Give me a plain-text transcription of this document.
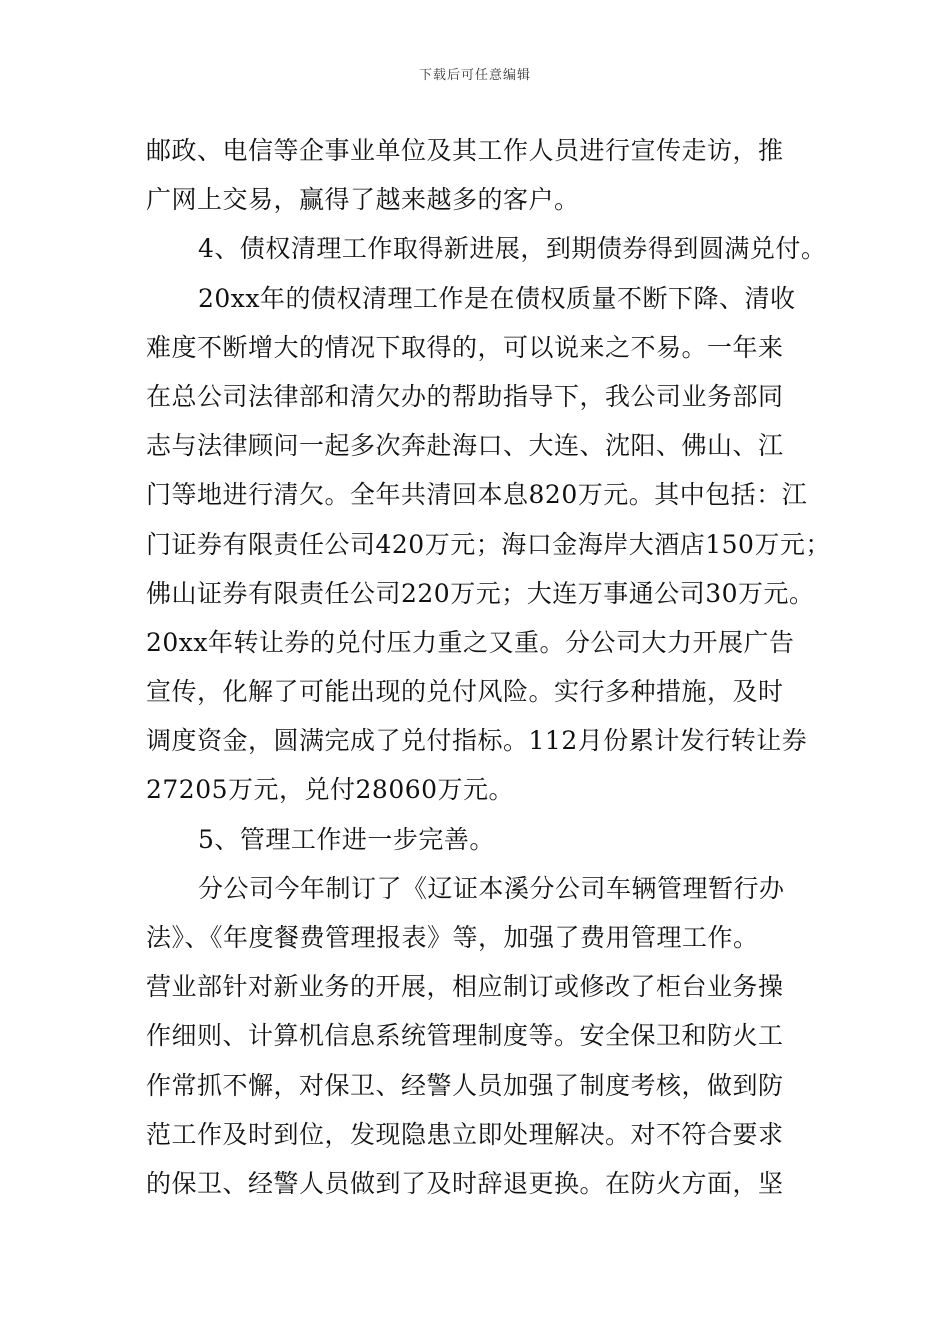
下载后可任意编辑
邮政、电信等企事业单位及其工作人员进行宣传走访，推
广网上交易，赢得了越来越多的客户。
4、债权清理工作取得新进展，到期债券得到圆满兑付。
20xx年的债权清理工作是在债权质量不断下降、清收
难度不断增大的情况下取得的，可以说来之不易。一年来
在总公司法律部和清欠办的帮助指导下，我公司业务部同
志与法律顾问一起多次奔赴海口、大连、沈阳、佛山、江
门等地进行清欠。全年共清回本息820万元。其中包括：江
门证券有限责任公司420万元；海口金海岸大酒店150万元；
佛山证券有限责任公司220万元；大连万事通公司30万元。
20xx年转让券的兑付压力重之又重。分公司大力开展广告
宣传，化解了可能出现的兑付风险。实行多种措施，及时
调度资金，圆满完成了兑付指标。112月份累计发行转让券
27205万元，兑付28060万元。
5、管理工作进一步完善。
分公司今年制订了《辽证本溪分公司车辆管理暂行办
法》、《年度餐费管理报表》等，加强了费用管理工作。
营业部针对新业务的开展，相应制订或修改了柜台业务操
作细则、计算机信息系统管理制度等。安全保卫和防火工
作常抓不懈，对保卫、经警人员加强了制度考核，做到防
范工作及时到位，发现隐患立即处理解决。对不符合要求
的保卫、经警人员做到了及时辞退更换。在防火方面，坚
